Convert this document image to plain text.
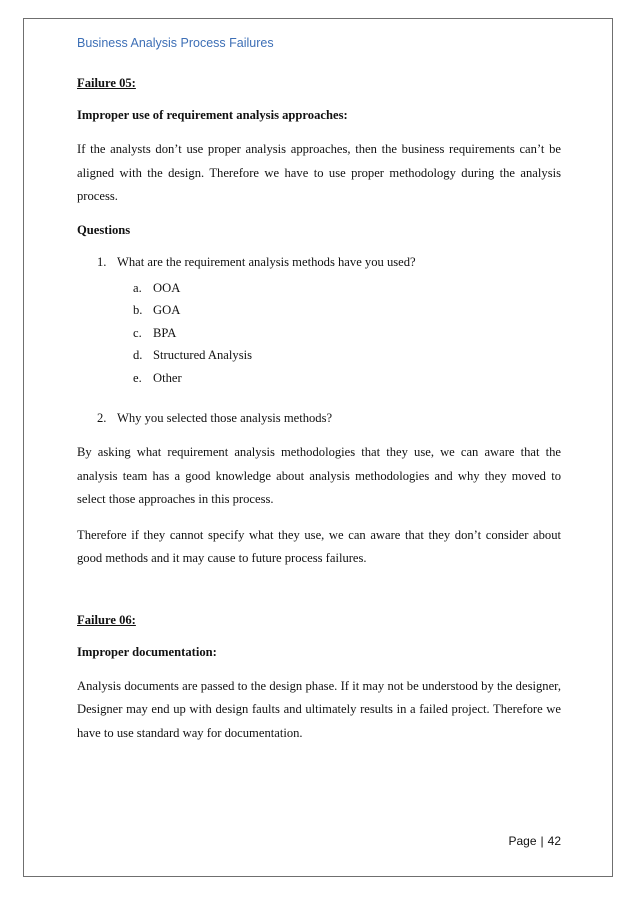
Business Analysis Process Failures
Failure 05:
Improper use of requirement analysis approaches:

If the analysts don’t use proper analysis approaches, then the business requirements can’t be aligned with the design. Therefore we have to use proper methodology during the analysis process.

Questions
1. What are the requirement analysis methods have you used?
a. OOA
b. GOA
c. BPA
d. Structured Analysis
e. Other
2. Why you selected those analysis methods?

By asking what requirement analysis methodologies that they use, we can aware that the analysis team has a good knowledge about analysis methodologies and why they moved to select those approaches in this process.

Therefore if they cannot specify what they use, we can aware that they don’t consider about good methods and it may cause to future process failures.

Failure 06:
Improper documentation:

Analysis documents are passed to the design phase. If it may not be understood by the designer, Designer may end up with design faults and ultimately results in a failed project. Therefore we have to use standard way for documentation.

Page | 42
